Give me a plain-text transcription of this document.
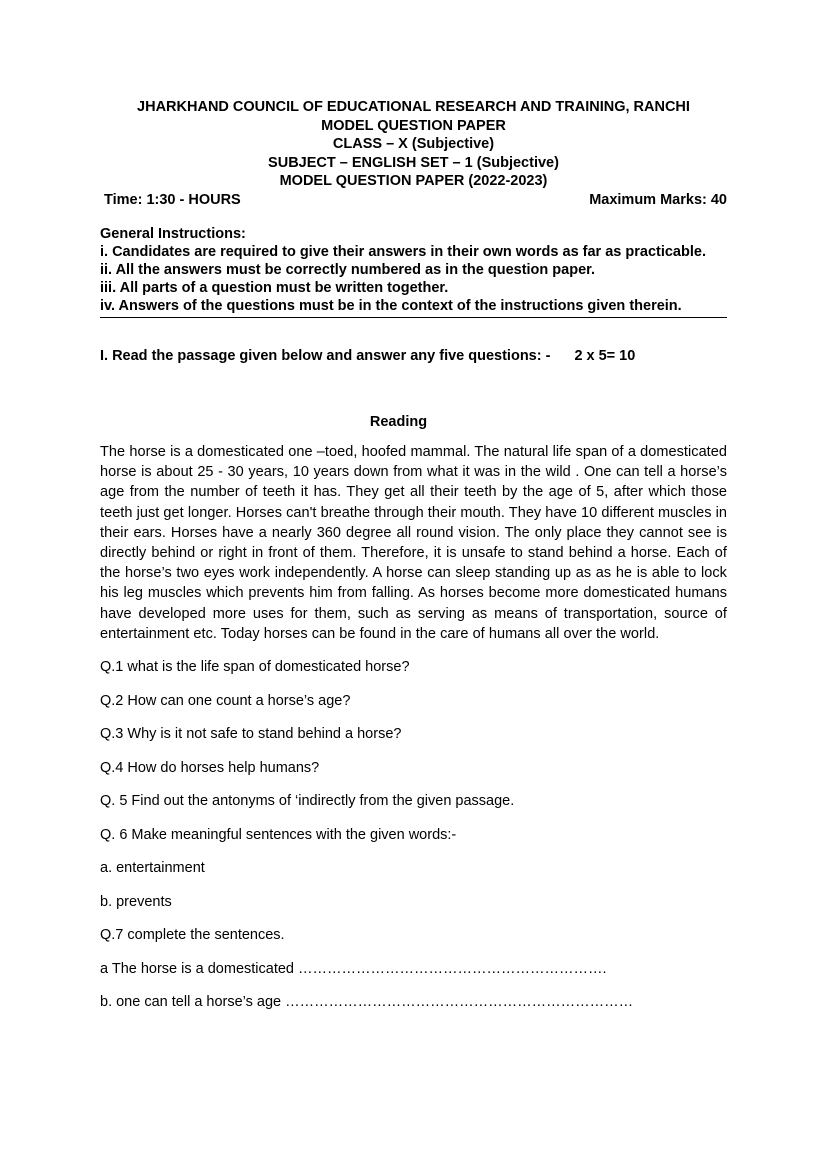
JHARKHAND COUNCIL OF EDUCATIONAL RESEARCH AND TRAINING, RANCHI
MODEL QUESTION PAPER
CLASS – X (Subjective)
SUBJECT – ENGLISH SET – 1 (Subjective)
MODEL QUESTION PAPER (2022-2023)
Time: 1:30 - HOURS	Maximum Marks: 40
General Instructions:
i. Candidates are required to give their answers in their own words as far as practicable.
ii. All the answers must be correctly numbered as in the question paper.
iii. All parts of a question must be written together.
iv. Answers of the questions must be in the context of the instructions given therein.
I. Read the passage given below and answer any five questions: - 2 x 5= 10
Reading
The horse is a domesticated one –toed, hoofed mammal. The natural life span of a domesticated horse is about 25 - 30 years, 10 years down from what it was in the wild . One can tell a horse’s age from the number of teeth it has. They get all their teeth by the age of 5, after which those teeth just get longer. Horses can't breathe through their mouth. They have 10 different muscles in their ears. Horses have a nearly 360 degree all round vision. The only place they cannot see is directly behind or right in front of them. Therefore, it is unsafe to stand behind a horse. Each of the horse’s two eyes work independently. A horse can sleep standing up as as he is able to lock his leg muscles which prevents him from falling. As horses become more domesticated humans have developed more uses for them, such as serving as means of transportation, source of entertainment etc. Today horses can be found in the care of humans all over the world.
Q.1 what is the life span of domesticated horse?
Q.2 How can one count a horse’s age?
Q.3 Why is it not safe to stand behind a horse?
Q.4 How do horses help humans?
Q. 5 Find out the antonyms of ‘indirectly from the given passage.
Q. 6 Make meaningful sentences with the given words:-
a. entertainment
b. prevents
Q.7 complete the sentences.
a The horse is a domesticated ……………………………………………………….
b. one can tell a horse’s age ………………………………………………………………
